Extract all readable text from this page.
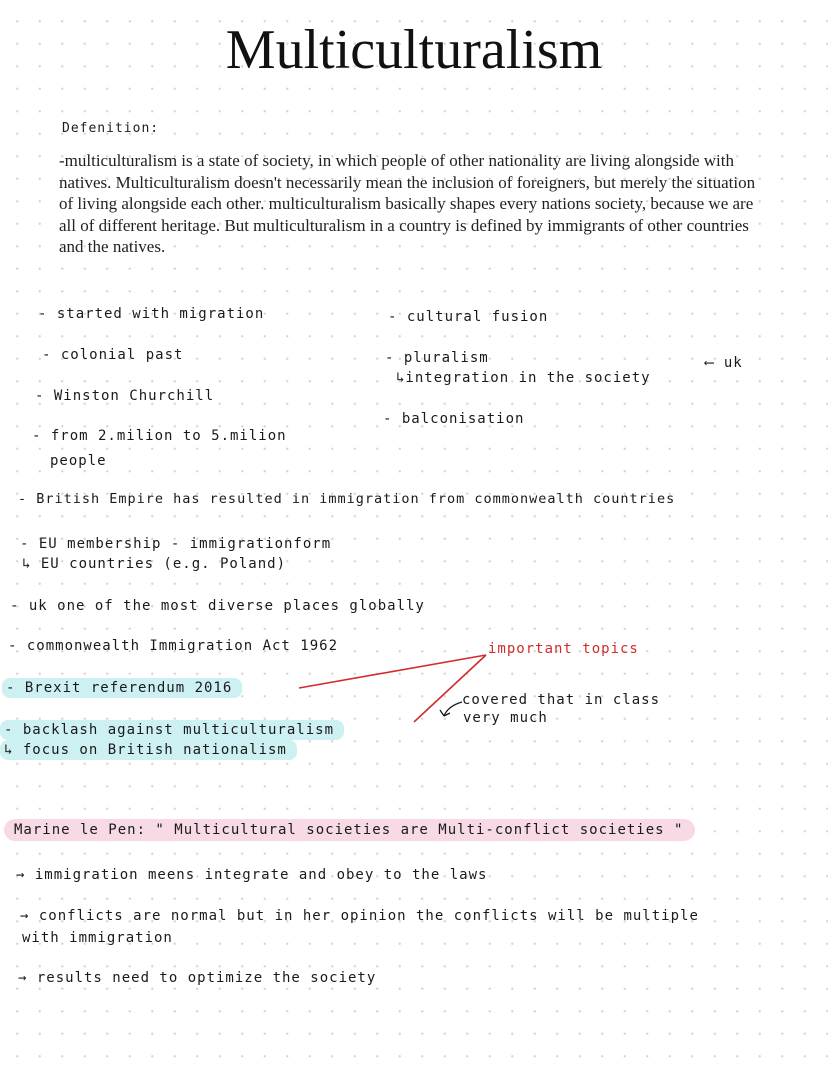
Multiculturalism
Defenition:

-multiculturalism is a state of society, in which people of other nationality are living alongside with natives. Multiculturalism doesn't necessarily mean the inclusion of foreigners, but merely the situation of living alongside each other. multiculturalism basically shapes every nations society, because we are all of different heritage. But multiculturalism in a country is defined by immigrants of other countries and the natives.

- started with migration
- colonial past
- Winston Churchill
- from 2.milion to 5.milion
people
- cultural fusion
- pluralism
↳integration in the society
⟵ uk
- balconisation
- British Empire has resulted in immigration from commonwealth countries
- EU membership - immigrationform
↳ EU countries (e.g. Poland)
- uk one of the most diverse places globally
- commonwealth Immigration Act 1962	important topics
- Brexit referendum 2016
covered that in class
very much
- backlash against multiculturalism
↳ focus on British nationalism
Marine le Pen: " Multicultural societies are Multi-conflict societies "
→ immigration meens integrate and obey to the laws
→ conflicts are normal but in her opinion the conflicts will be multiple
with immigration
→ results need to optimize the society
